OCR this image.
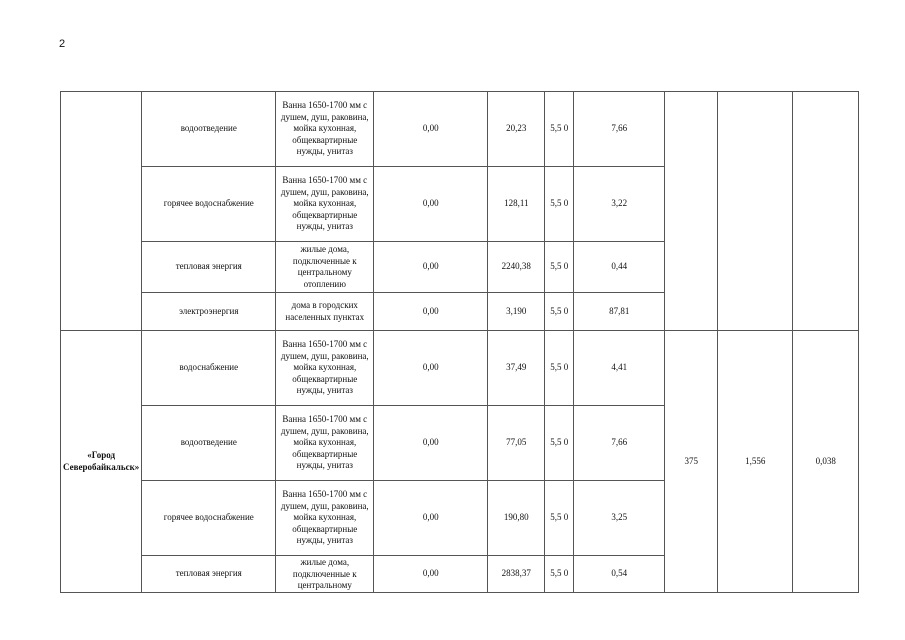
2
	водоотведение	Ванна 1650-1700 мм с душем, душ, раковина, мойка кухонная, общеквартирные нужды, унитаз	0,00	20,23	5,5 0	7,66			
	горячее водоснабжение	Ванна 1650-1700 мм с душем, душ, раковина, мойка кухонная, общеквартирные нужды, унитаз	0,00	128,11	5,5 0	3,22			
	тепловая энергия	жилые дома, подключенные к центральному отоплению	0,00	2240,38	5,5 0	0,44			
	электроэнергия	дома в городских населенных пунктах	0,00	3,190	5,5 0	87,81			
«Город Северобайкальск»	водоснабжение	Ванна 1650-1700 мм с душем, душ, раковина, мойка кухонная, общеквартирные нужды, унитаз	0,00	37,49	5,5 0	4,41	375	1,556	0,038
	водоотведение	Ванна 1650-1700 мм с душем, душ, раковина, мойка кухонная, общеквартирные нужды, унитаз	0,00	77,05	5,5 0	7,66			
	горячее водоснабжение	Ванна 1650-1700 мм с душем, душ, раковина, мойка кухонная, общеквартирные нужды, унитаз	0,00	190,80	5,5 0	3,25			
	тепловая энергия	жилые дома, подключенные к центральному	0,00	2838,37	5,5 0	0,54			
